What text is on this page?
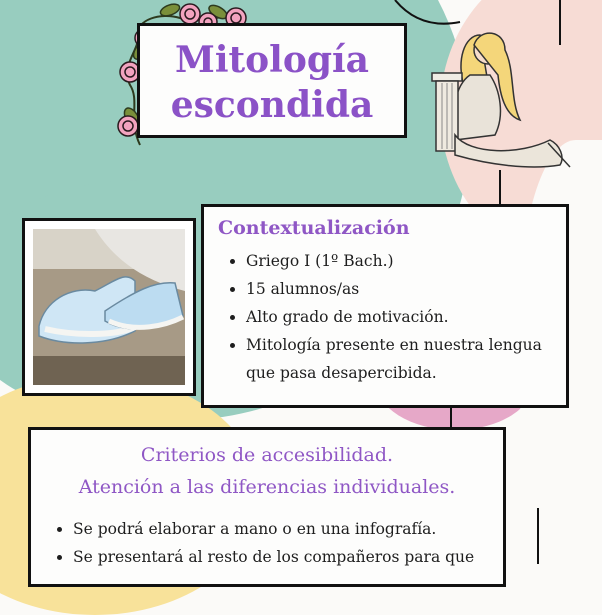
Mitología
escondida
Contextualización
• Griego I (1º Bach.)
• 15 alumnos/as
• Alto grado de motivación.
• Mitología presente en nuestra lengua
que pasa desapercibida.
Criterios de accesibilidad.
Atención a las diferencias individuales.
• Se podrá elaborar a mano o en una infografía.
• Se presentará al resto de los compañeros para que
